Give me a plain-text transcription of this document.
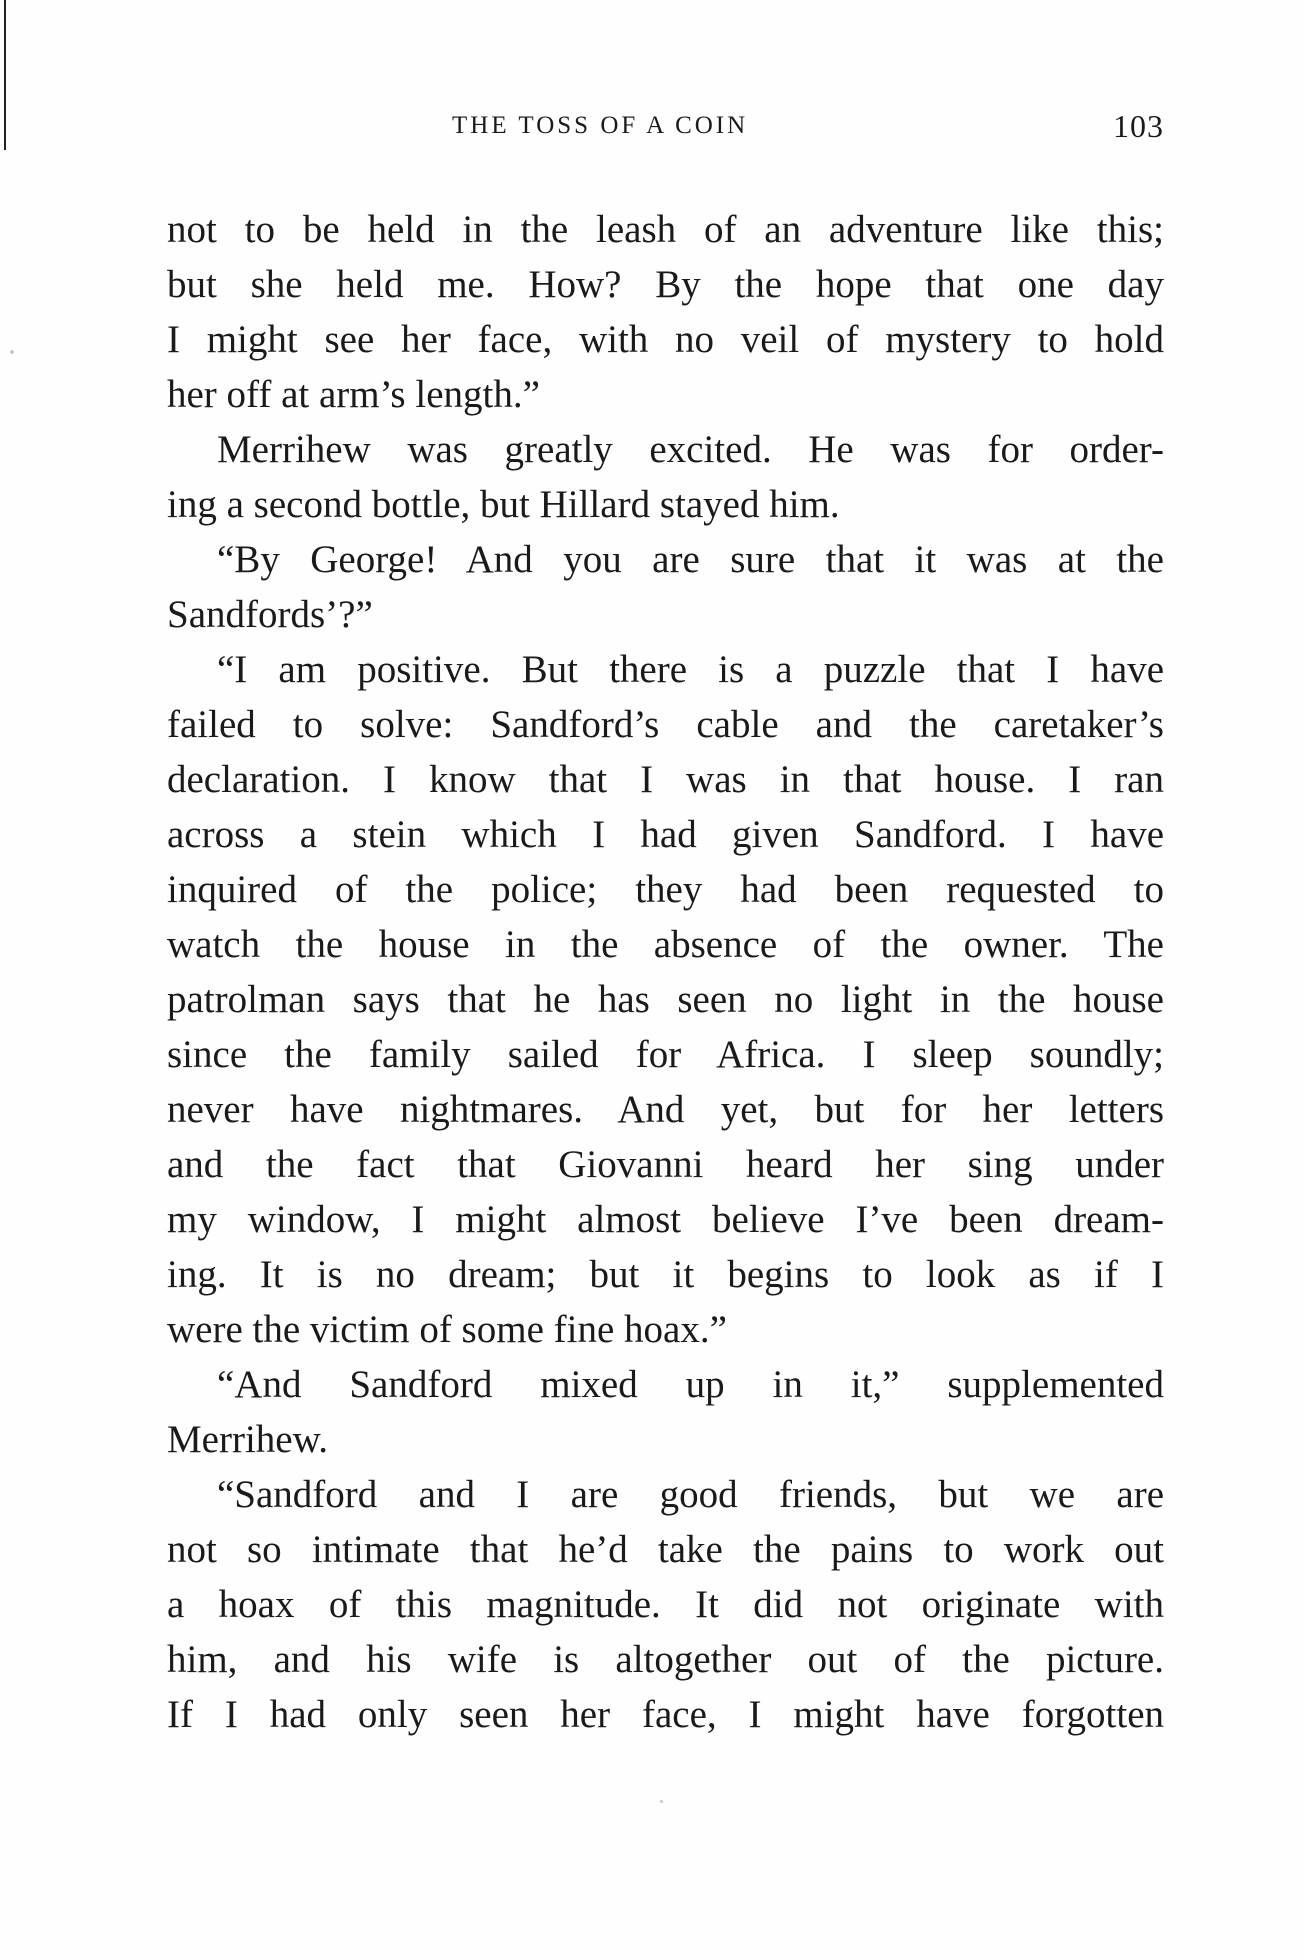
THE TOSS OF A COIN	103
not to be held in the leash of an adventure like this;
but she held me. How? By the hope that one day
I might see her face, with no veil of mystery to hold
her off at arm’s length.”
Merrihew was greatly excited. He was for order-
ing a second bottle, but Hillard stayed him.
“By George! And you are sure that it was at the
Sandfords’?”
“I am positive. But there is a puzzle that I have
failed to solve: Sandford’s cable and the caretaker’s
declaration. I know that I was in that house. I ran
across a stein which I had given Sandford. I have
inquired of the police; they had been requested to
watch the house in the absence of the owner. The
patrolman says that he has seen no light in the house
since the family sailed for Africa. I sleep soundly;
never have nightmares. And yet, but for her letters
and the fact that Giovanni heard her sing under
my window, I might almost believe I’ve been dream-
ing. It is no dream; but it begins to look as if I
were the victim of some fine hoax.”
“And Sandford mixed up in it,” supplemented
Merrihew.
“Sandford and I are good friends, but we are
not so intimate that he’d take the pains to work out
a hoax of this magnitude. It did not originate with
him, and his wife is altogether out of the picture.
If I had only seen her face, I might have forgotten
